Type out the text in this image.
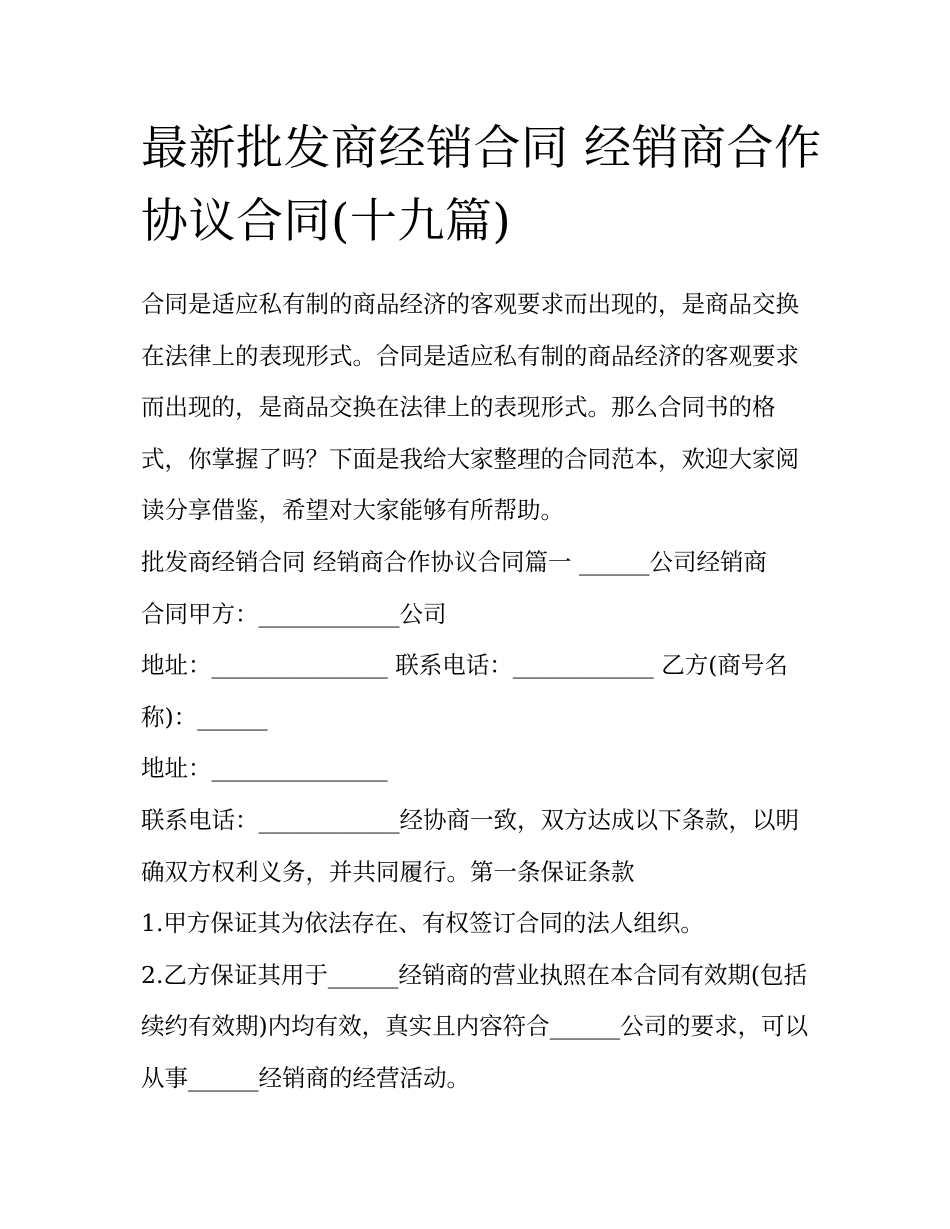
最新批发商经销合同 经销商合作协议合同(十九篇)

合同是适应私有制的商品经济的客观要求而出现的，是商品交换在法律上的表现形式。合同是适应私有制的商品经济的客观要求而出现的，是商品交换在法律上的表现形式。那么合同书的格式，你掌握了吗？下面是我给大家整理的合同范本，欢迎大家阅读分享借鉴，希望对大家能够有所帮助。

批发商经销合同 经销商合作协议合同篇一 ______公司经销商

合同甲方：____________公司

地址：_______________ 联系电话：____________ 乙方(商号名称)：______

地址：_______________

联系电话：____________经协商一致，双方达成以下条款，以明确双方权利义务，并共同履行。第一条保证条款

1.甲方保证其为依法存在、有权签订合同的法人组织。

2.乙方保证其用于______经销商的营业执照在本合同有效期(包括续约有效期)内均有效，真实且内容符合______公司的要求，可以从事______经销商的经营活动。
